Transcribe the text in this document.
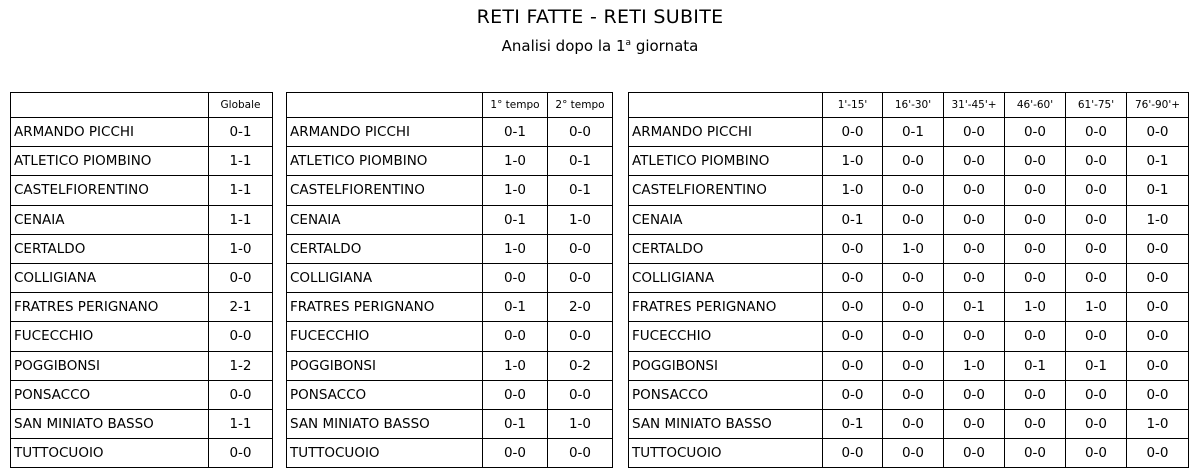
RETI FATTE - RETI SUBITE
Analisi dopo la 1$^a$ giornata
	Globale
ARMANDO PICCHI	0-1
ATLETICO PIOMBINO	1-1
CASTELFIORENTINO	1-1
CENAIA	1-1
CERTALDO	1-0
COLLIGIANA	0-0
FRATRES PERIGNANO	2-1
FUCECCHIO	0-0
POGGIBONSI	1-2
PONSACCO	0-0
SAN MINIATO BASSO	1-1
TUTTOCUOIO	0-0
	1° tempo	2° tempo
ARMANDO PICCHI	0-1	0-0
ATLETICO PIOMBINO	1-0	0-1
CASTELFIORENTINO	1-0	0-1
CENAIA	0-1	1-0
CERTALDO	1-0	0-0
COLLIGIANA	0-0	0-0
FRATRES PERIGNANO	0-1	2-0
FUCECCHIO	0-0	0-0
POGGIBONSI	1-0	0-2
PONSACCO	0-0	0-0
SAN MINIATO BASSO	0-1	1-0
TUTTOCUOIO	0-0	0-0
	1'-15'	16'-30'	31'-45'+	46'-60'	61'-75'	76'-90'+
ARMANDO PICCHI	0-0	0-1	0-0	0-0	0-0	0-0
ATLETICO PIOMBINO	1-0	0-0	0-0	0-0	0-0	0-1
CASTELFIORENTINO	1-0	0-0	0-0	0-0	0-0	0-1
CENAIA	0-1	0-0	0-0	0-0	0-0	1-0
CERTALDO	0-0	1-0	0-0	0-0	0-0	0-0
COLLIGIANA	0-0	0-0	0-0	0-0	0-0	0-0
FRATRES PERIGNANO	0-0	0-0	0-1	1-0	1-0	0-0
FUCECCHIO	0-0	0-0	0-0	0-0	0-0	0-0
POGGIBONSI	0-0	0-0	1-0	0-1	0-1	0-0
PONSACCO	0-0	0-0	0-0	0-0	0-0	0-0
SAN MINIATO BASSO	0-1	0-0	0-0	0-0	0-0	1-0
TUTTOCUOIO	0-0	0-0	0-0	0-0	0-0	0-0
